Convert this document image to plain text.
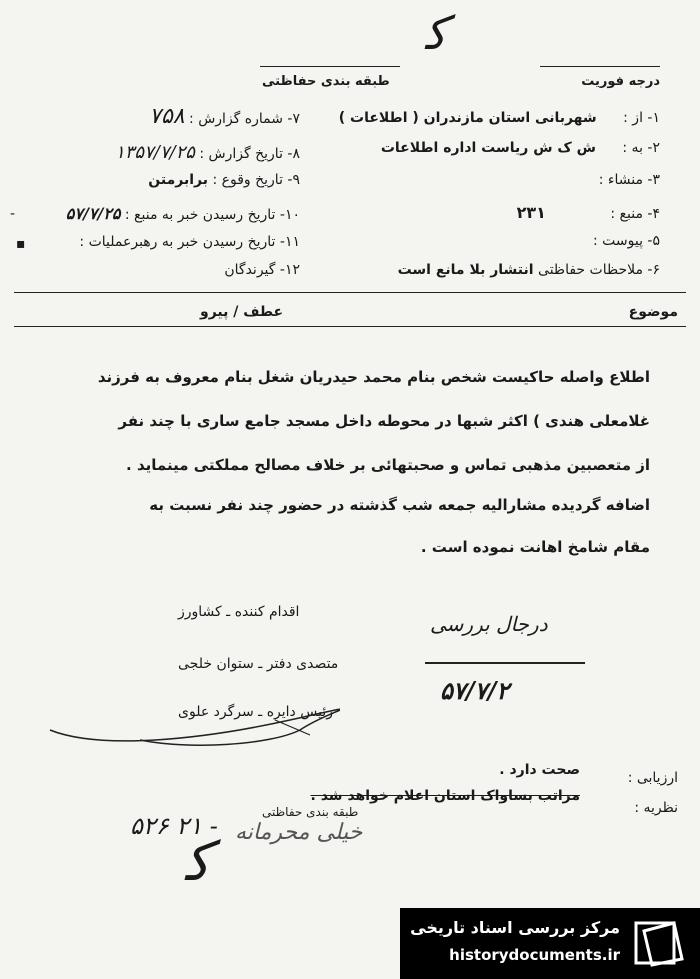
ﮐ
درجه فوریت
طبقه بندی حفاظتی
۱- از : شهربانی استان مازندران ( اطلاعات )
۲- به : ش ک ش ریاست اداره اطلاعات
۳- منشاء :
۴- منبع : ۲۳۱
۵- پیوست :
۶- ملاحظات حفاظتی انتشار بلا مانع است
۷- شماره گزارش : ۷۵۸
۸- تاریخ گزارش : ۱۳۵۷/۷/۲۵
۹- تاریخ وقوع : برابرمتن
۱۰- تاریخ رسیدن خبر به منبع : ۵۷/۷/۲۵
۱۱- تاریخ رسیدن خبر به رهبرعملیات :
۱۲- گیرندگان
موضوع
عطف / پیرو
اطلاع واصله حاکیست شخص بنام محمد حیدریان شغل بنام معروف به فرزند
غلامعلی هندی ) اکثر شبها در محوطه داخل مسجد جامع ساری با چند نفر
از متعصبین مذهبی تماس و صحبتهائی بر خلاف مصالح مملکتی مینماید .
اضافه گردیده مشارالیه جمعه شب گذشته در حضور چند نفر نسبت به
مقام شامخ اهانت نموده است .
اقدام کننده ـ کشاورز
متصدی دفتر ـ ستوان خلجی
رئیس دایره ـ سرگرد علوی
درجال بررسی
۵۷/۷/۲
ارزیابی :
صحت دارد .
نظریه :
مراتب بساواک استان اعلام خواهد شد .
طبقه بندی حفاظتی
خیلی محرمانه
۵۲۶ ۲۱ -
ﮐ
مرکز بررسی اسناد تاریخی
historydocuments.ir
▪
-
